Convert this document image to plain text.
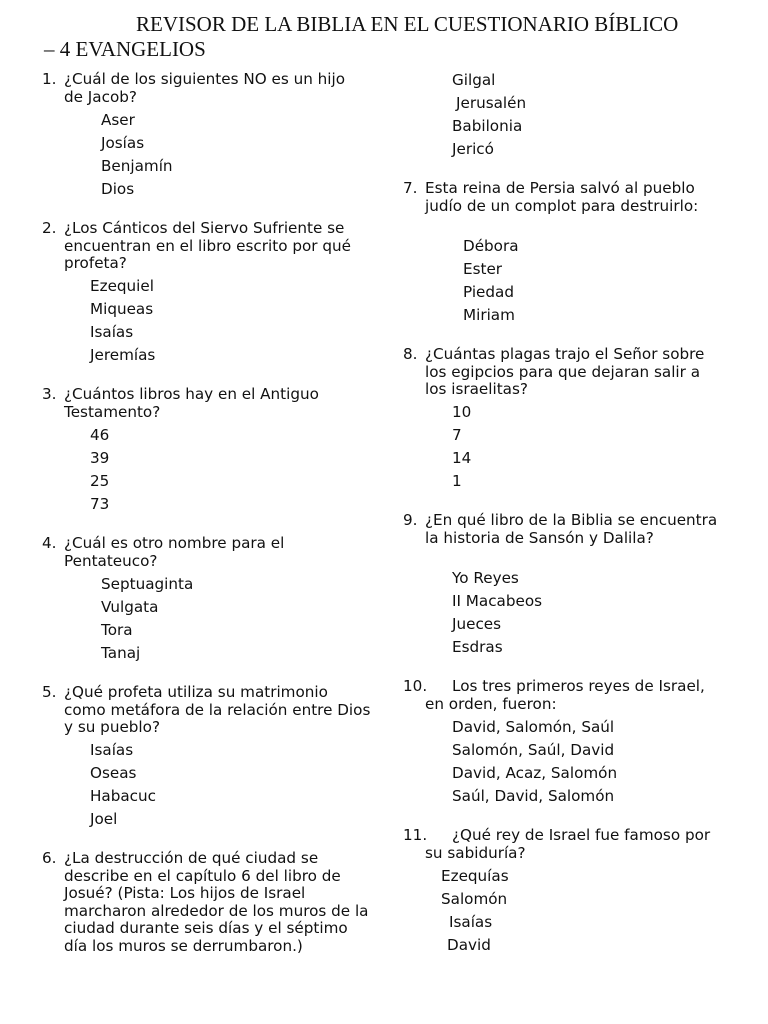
REVISOR DE LA BIBLIA EN EL CUESTIONARIO BÍBLICO
– 4 EVANGELIOS
1. ¿Cuál de los siguientes NO es un hijo de Jacob?
Aser
Josías
Benjamín
Dios
2. ¿Los Cánticos del Siervo Sufriente se encuentran en el libro escrito por qué profeta?
Ezequiel
Miqueas
Isaías
Jeremías
3. ¿Cuántos libros hay en el Antiguo Testamento?
46
39
25
73
4. ¿Cuál es otro nombre para el Pentateuco?
Septuaginta
Vulgata
Tora
Tanaj
5. ¿Qué profeta utiliza su matrimonio como metáfora de la relación entre Dios y su pueblo?
Isaías
Oseas
Habacuc
Joel
6. ¿La destrucción de qué ciudad se describe en el capítulo 6 del libro de Josué? (Pista: Los hijos de Israel marcharon alrededor de los muros de la ciudad durante seis días y el séptimo día los muros se derrumbaron.)
Gilgal
Jerusalén
Babilonia
Jericó
7. Esta reina de Persia salvó al pueblo judío de un complot para destruirlo:
Débora
Ester
Piedad
Miriam
8. ¿Cuántas plagas trajo el Señor sobre los egipcios para que dejaran salir a los israelitas?
10
7
14
1
9. ¿En qué libro de la Biblia se encuentra la historia de Sansón y Dalila?
Yo Reyes
II Macabeos
Jueces
Esdras
10.	Los tres primeros reyes de Israel, en orden, fueron:
David, Salomón, Saúl
Salomón, Saúl, David
David, Acaz, Salomón
Saúl, David, Salomón
11.	¿Qué rey de Israel fue famoso por su sabiduría?
Ezequías
Salomón
Isaías
David
